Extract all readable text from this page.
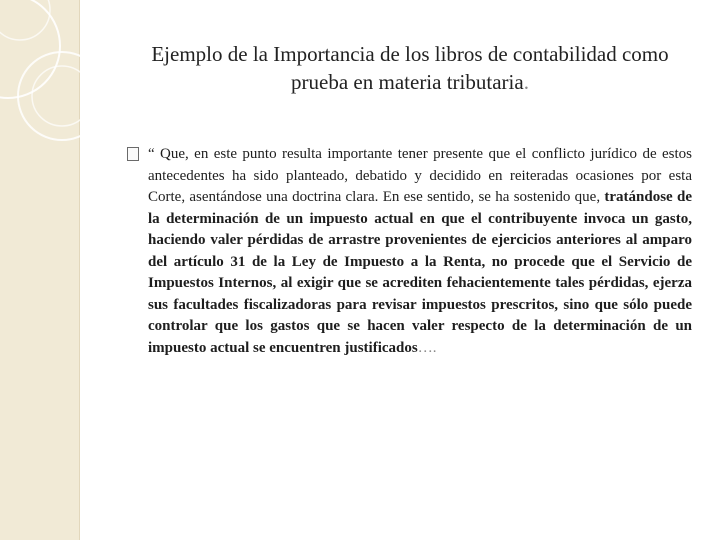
Ejemplo de la Importancia de los libros de contabilidad como
prueba en materia tributaria.
“ Que, en este punto resulta importante tener presente que el conflicto jurídico de estos antecedentes ha sido planteado, debatido y decidido en reiteradas ocasiones por esta Corte, asentándose una doctrina clara. En ese sentido, se ha sostenido que, tratándose de la determinación de un impuesto actual en que el contribuyente invoca un gasto, haciendo valer pérdidas de arrastre provenientes de ejercicios anteriores al amparo del artículo 31 de la Ley de Impuesto a la Renta, no procede que el Servicio de Impuestos Internos, al exigir que se acrediten fehacientemente tales pérdidas, ejerza sus facultades fiscalizadoras para revisar impuestos prescritos, sino que sólo puede controlar que los gastos que se hacen valer respecto de la determinación de un impuesto actual se encuentren justificados….
